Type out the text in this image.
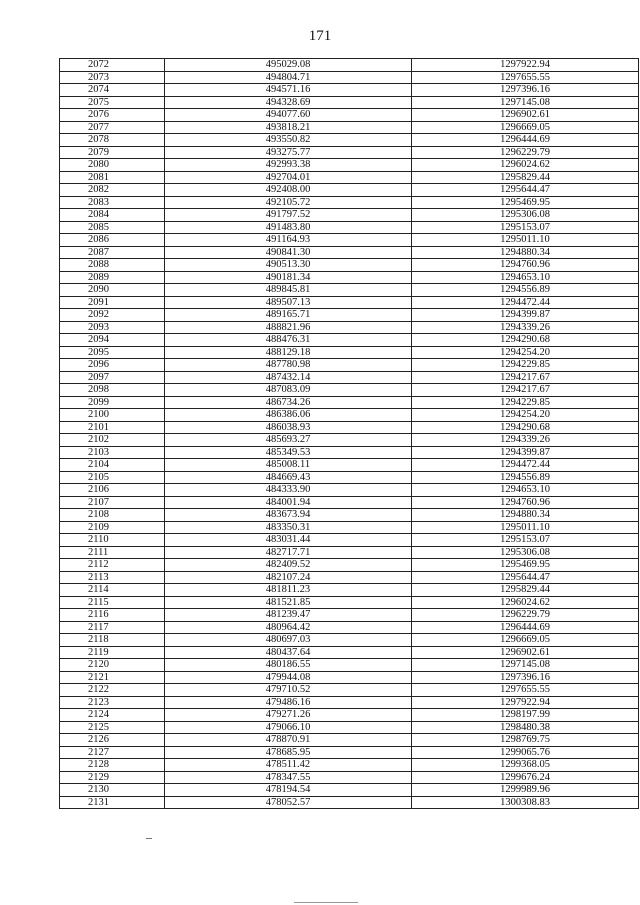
171
2072	495029.08	1297922.94
2073	494804.71	1297655.55
2074	494571.16	1297396.16
2075	494328.69	1297145.08
2076	494077.60	1296902.61
2077	493818.21	1296669.05
2078	493550.82	1296444.69
2079	493275.77	1296229.79
2080	492993.38	1296024.62
2081	492704.01	1295829.44
2082	492408.00	1295644.47
2083	492105.72	1295469.95
2084	491797.52	1295306.08
2085	491483.80	1295153.07
2086	491164.93	1295011.10
2087	490841.30	1294880.34
2088	490513.30	1294760.96
2089	490181.34	1294653.10
2090	489845.81	1294556.89
2091	489507.13	1294472.44
2092	489165.71	1294399.87
2093	488821.96	1294339.26
2094	488476.31	1294290.68
2095	488129.18	1294254.20
2096	487780.98	1294229.85
2097	487432.14	1294217.67
2098	487083.09	1294217.67
2099	486734.26	1294229.85
2100	486386.06	1294254.20
2101	486038.93	1294290.68
2102	485693.27	1294339.26
2103	485349.53	1294399.87
2104	485008.11	1294472.44
2105	484669.43	1294556.89
2106	484333.90	1294653.10
2107	484001.94	1294760.96
2108	483673.94	1294880.34
2109	483350.31	1295011.10
2110	483031.44	1295153.07
2111	482717.71	1295306.08
2112	482409.52	1295469.95
2113	482107.24	1295644.47
2114	481811.23	1295829.44
2115	481521.85	1296024.62
2116	481239.47	1296229.79
2117	480964.42	1296444.69
2118	480697.03	1296669.05
2119	480437.64	1296902.61
2120	480186.55	1297145.08
2121	479944.08	1297396.16
2122	479710.52	1297655.55
2123	479486.16	1297922.94
2124	479271.26	1298197.99
2125	479066.10	1298480.38
2126	478870.91	1298769.75
2127	478685.95	1299065.76
2128	478511.42	1299368.05
2129	478347.55	1299676.24
2130	478194.54	1299989.96
2131	478052.57	1300308.83
